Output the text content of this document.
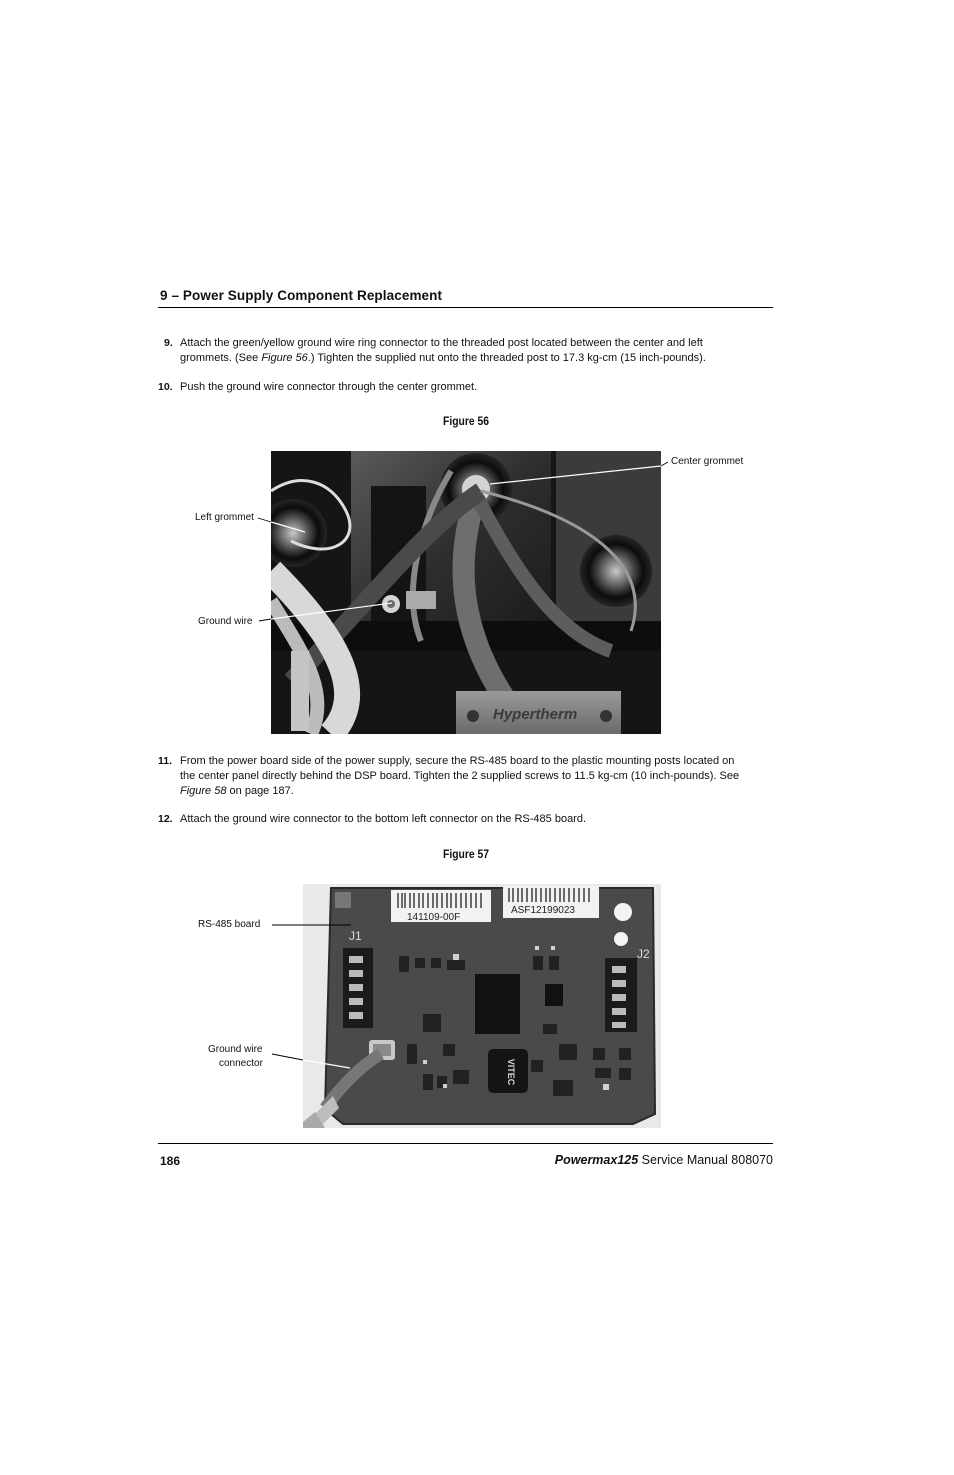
9 – Power Supply Component Replacement
9. Attach the green/yellow ground wire ring connector to the threaded post located between the center and left
grommets. (See Figure 56.) Tighten the supplied nut onto the threaded post to 17.3 kg-cm (15 inch-pounds).
10. Push the ground wire connector through the center grommet.
Figure 56
Hypertherm
Center grommet
Left grommet
Ground wire
11. From the power board side of the power supply, secure the RS-485 board to the plastic mounting posts located on
the center panel directly behind the DSP board. Tighten the 2 supplied screws to 11.5 kg-cm (10 inch-pounds). See
Figure 58 on page 187.
12. Attach the ground wire connector to the bottom left connector on the RS-485 board.
Figure 57
141109-00F
ASF12199023
J1
J2
VITEC
RS-485 board
Ground wire
connector
186	Powermax125 Service Manual 808070
